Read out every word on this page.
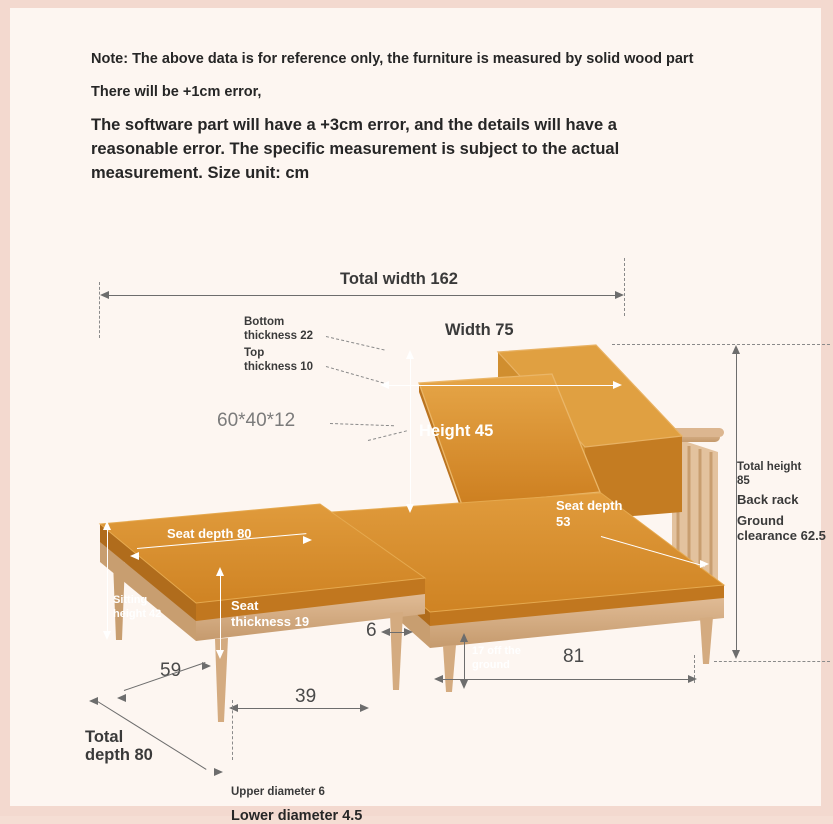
Note: The above data is for reference only, the furniture is measured by solid wood part
There will be +1cm error,
The software part will have a +3cm error, and the details will have a reasonable error. The specific measurement is subject to the actual measurement. Size unit: cm
Total width 162
Bottom
thickness 22
Top
thickness 10
Width 75
60*40*12	Height 45
Seat depth
53
Seat depth 80
Sitting
height 42
Seat
thickness 19
Total height
85
Back rack
Ground
clearance 62.5
6
17 off the
ground	81
59
39
Total
depth 80
Upper diameter 6
Lower diameter 4.5
